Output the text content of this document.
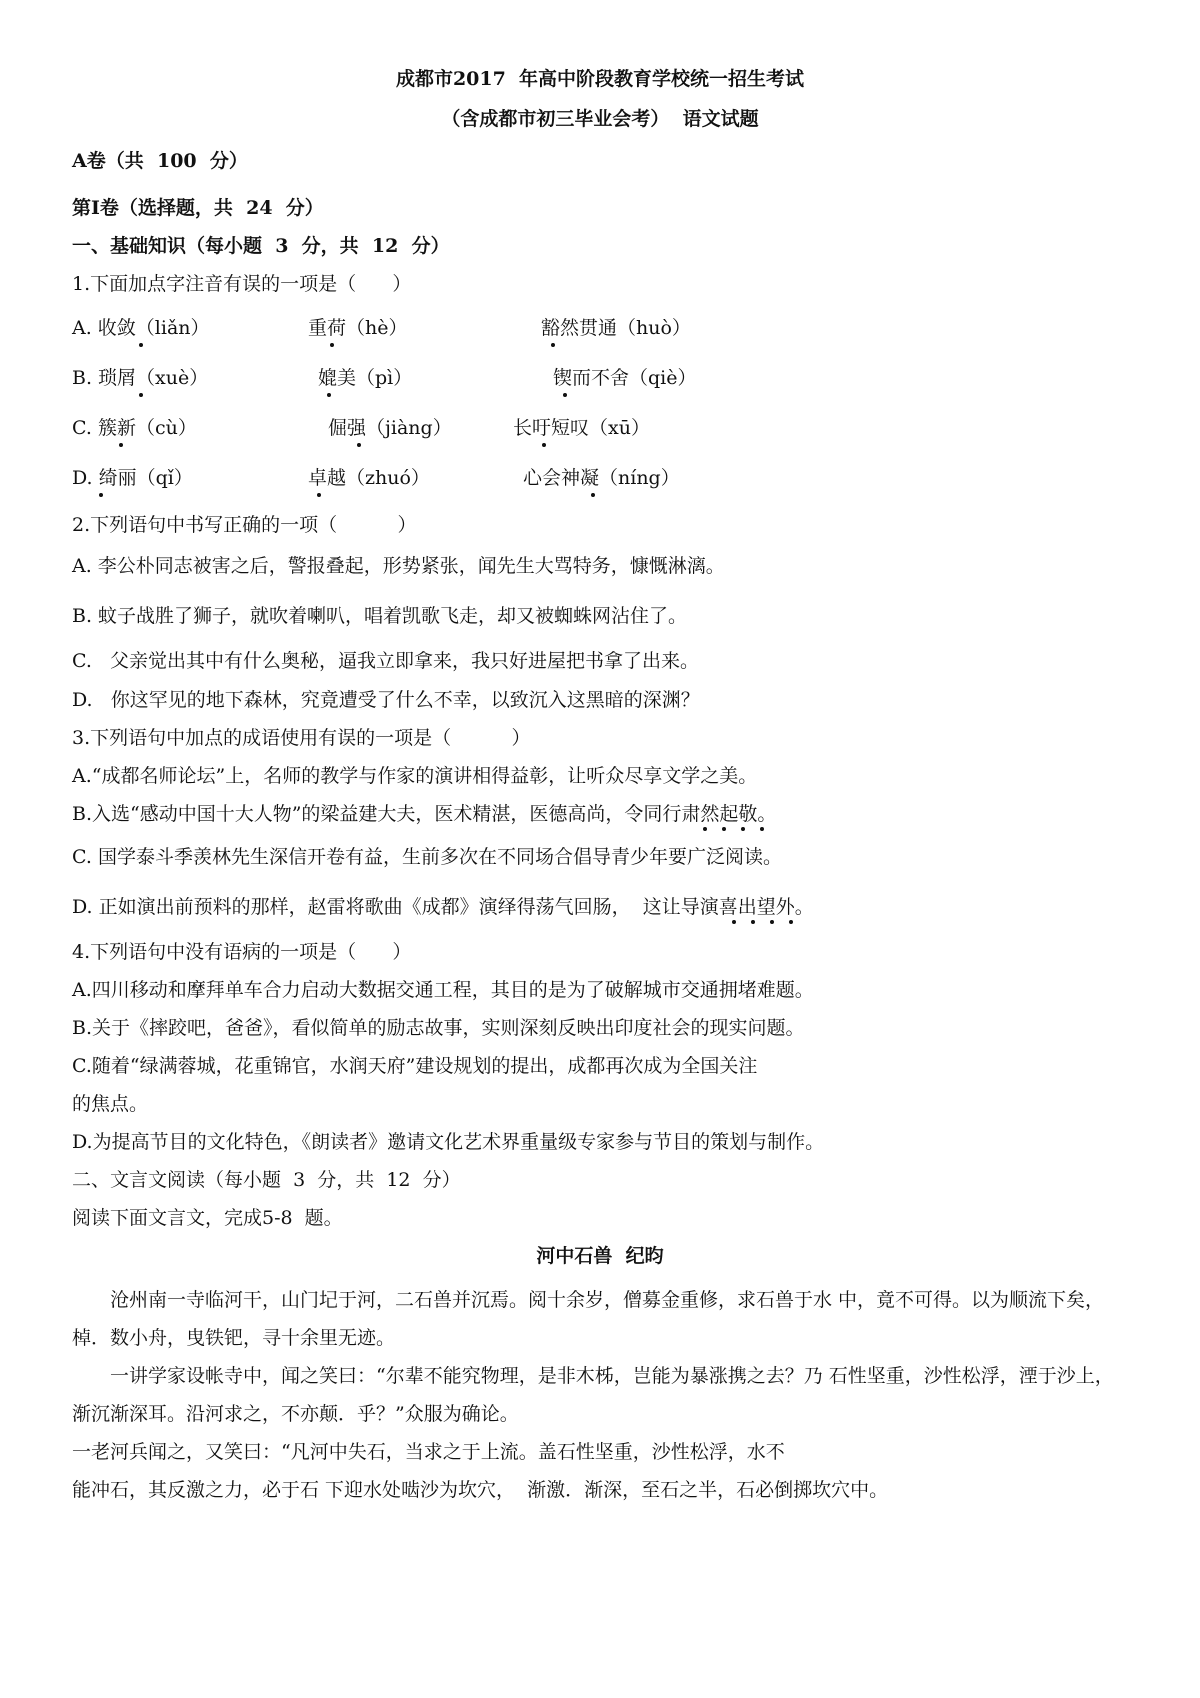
成都市2017  年高中阶段教育学校统一招生考试
（含成都市初三毕业会考）  语文试题
A卷（共  100  分）
第Ⅰ卷（选择题，共  24  分）
一、基础知识（每小题  3  分，共  12  分）
1.下面加点字注音有误的一项是（      ）
A. 收敛（liǎn）	重荷（hè）	豁然贯通（huò）
B. 琐屑（xuè）	媲美（pì）	锲而不舍（qiè）
C. 簇新（cù）	倔强（jiàng）	长吁短叹（xū）
D. 绮丽（qǐ）	卓越（zhuó）	心会神凝（níng）
2.下列语句中书写正确的一项（          ）
A. 李公朴同志被害之后，警报叠起，形势紧张，闻先生大骂特务，慷慨淋漓。
B. 蚊子战胜了狮子，就吹着喇叭，唱着凯歌飞走，却又被蜘蛛网沾住了。
C.   父亲觉出其中有什么奥秘，逼我立即拿来，我只好进屋把书拿了出来。
D.   你这罕见的地下森林，究竟遭受了什么不幸，以致沉入这黑暗的深渊？
3.下列语句中加点的成语使用有误的一项是（          ）
A.“成都名师论坛”上，名师的教学与作家的演讲相得益彰，让听众尽享文学之美。
B.入选“感动中国十大人物”的梁益建大夫，医术精湛，医德高尚，令同行肃然起敬。
C. 国学泰斗季羡林先生深信开卷有益，生前多次在不同场合倡导青少年要广泛阅读。
D. 正如演出前预料的那样，赵雷将歌曲《成都》演绎得荡气回肠，  这让导演喜出望外。
4.下列语句中没有语病的一项是（      ）
A.四川移动和摩拜单车合力启动大数据交通工程，其目的是为了破解城市交通拥堵难题。
B.关于《摔跤吧，爸爸》，看似简单的励志故事，实则深刻反映出印度社会的现实问题。
C.随着“绿满蓉城，花重锦官，水润天府”建设规划的提出，成都再次成为全国关注
的焦点。
D.为提高节目的文化特色，《朗读者》邀请文化艺术界重量级专家参与节目的策划与制作。
二、文言文阅读（每小题  3  分，共  12  分）
阅读下面文言文，完成5-8  题。
河中石兽  纪昀
沧州南一寺临河干，山门圮于河，二石兽并沉焉。阅十余岁，僧募金重修，求石兽于水 中，竟不可得。以为顺流下矣，棹．数小舟，曳铁钯，寻十余里无迹。
一讲学家设帐寺中，闻之笑曰：“尔辈不能究物理，是非木柹，岂能为暴涨携之去？乃 石性坚重，沙性松浮，湮于沙上，渐沉渐深耳。沿河求之，不亦颠．乎？”众服为确论。
一老河兵闻之，又笑曰：“凡河中失石，当求之于上流。盖石性坚重，沙性松浮，水不
能冲石，其反激之力，必于石 下迎水处啮沙为坎穴，  渐激．渐深，至石之半，石必倒掷坎穴中。
